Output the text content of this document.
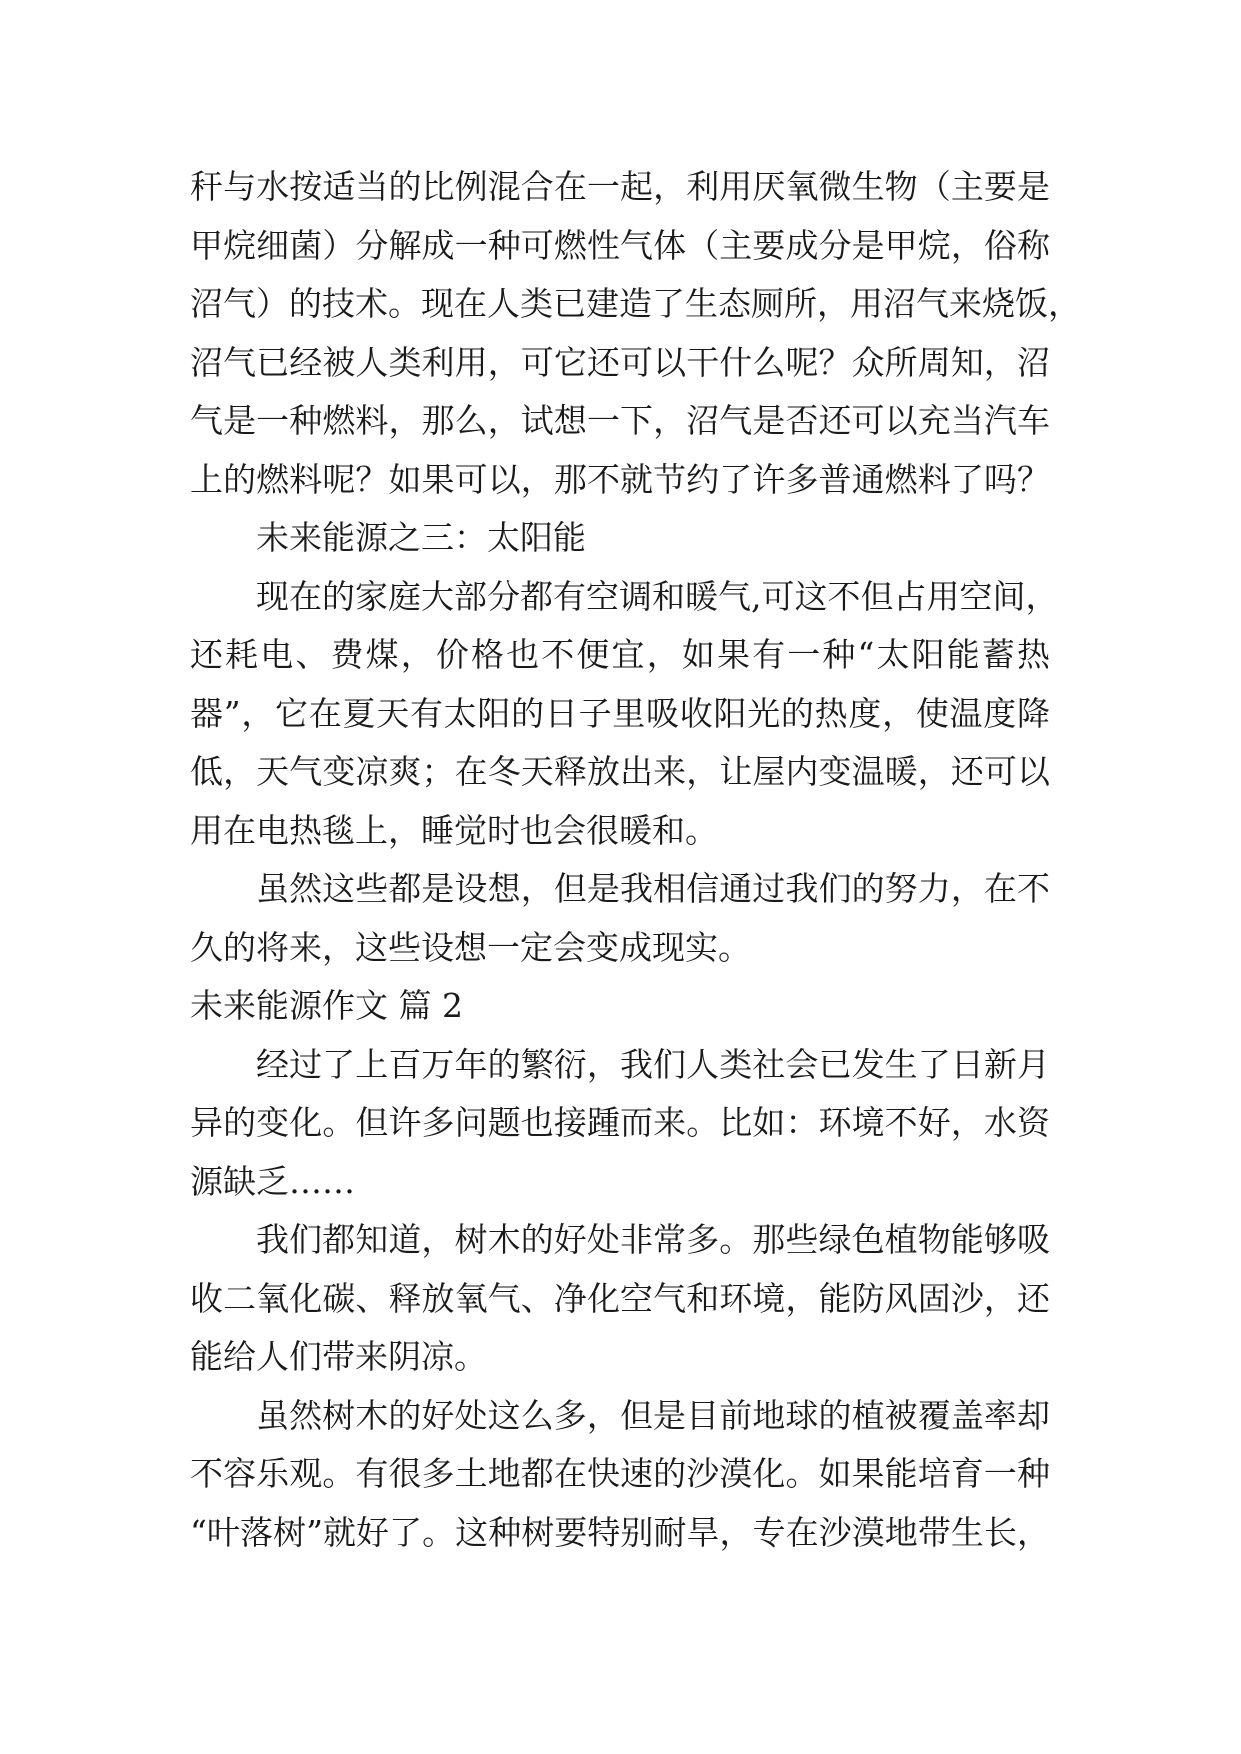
秆与水按适当的比例混合在一起，利用厌氧微生物（主要是
甲烷细菌）分解成一种可燃性气体（主要成分是甲烷，俗称
沼气）的技术。现在人类已建造了生态厕所，用沼气来烧饭，
沼气已经被人类利用，可它还可以干什么呢？众所周知，沼
气是一种燃料，那么，试想一下，沼气是否还可以充当汽车
上的燃料呢？如果可以，那不就节约了许多普通燃料了吗？
未来能源之三：太阳能
现在的家庭大部分都有空调和暖气,可这不但占用空间，
还耗电、费煤，价格也不便宜，如果有一种“太阳能蓄热
器”，它在夏天有太阳的日子里吸收阳光的热度，使温度降
低，天气变凉爽；在冬天释放出来，让屋内变温暖，还可以
用在电热毯上，睡觉时也会很暖和。
虽然这些都是设想，但是我相信通过我们的努力，在不
久的将来，这些设想一定会变成现实。
未来能源作文 篇 2
经过了上百万年的繁衍，我们人类社会已发生了日新月
异的变化。但许多问题也接踵而来。比如：环境不好，水资
源缺乏……
我们都知道，树木的好处非常多。那些绿色植物能够吸
收二氧化碳、释放氧气、净化空气和环境，能防风固沙，还
能给人们带来阴凉。
虽然树木的好处这么多，但是目前地球的植被覆盖率却
不容乐观。有很多土地都在快速的沙漠化。如果能培育一种
“叶落树”就好了。这种树要特别耐旱，专在沙漠地带生长，
